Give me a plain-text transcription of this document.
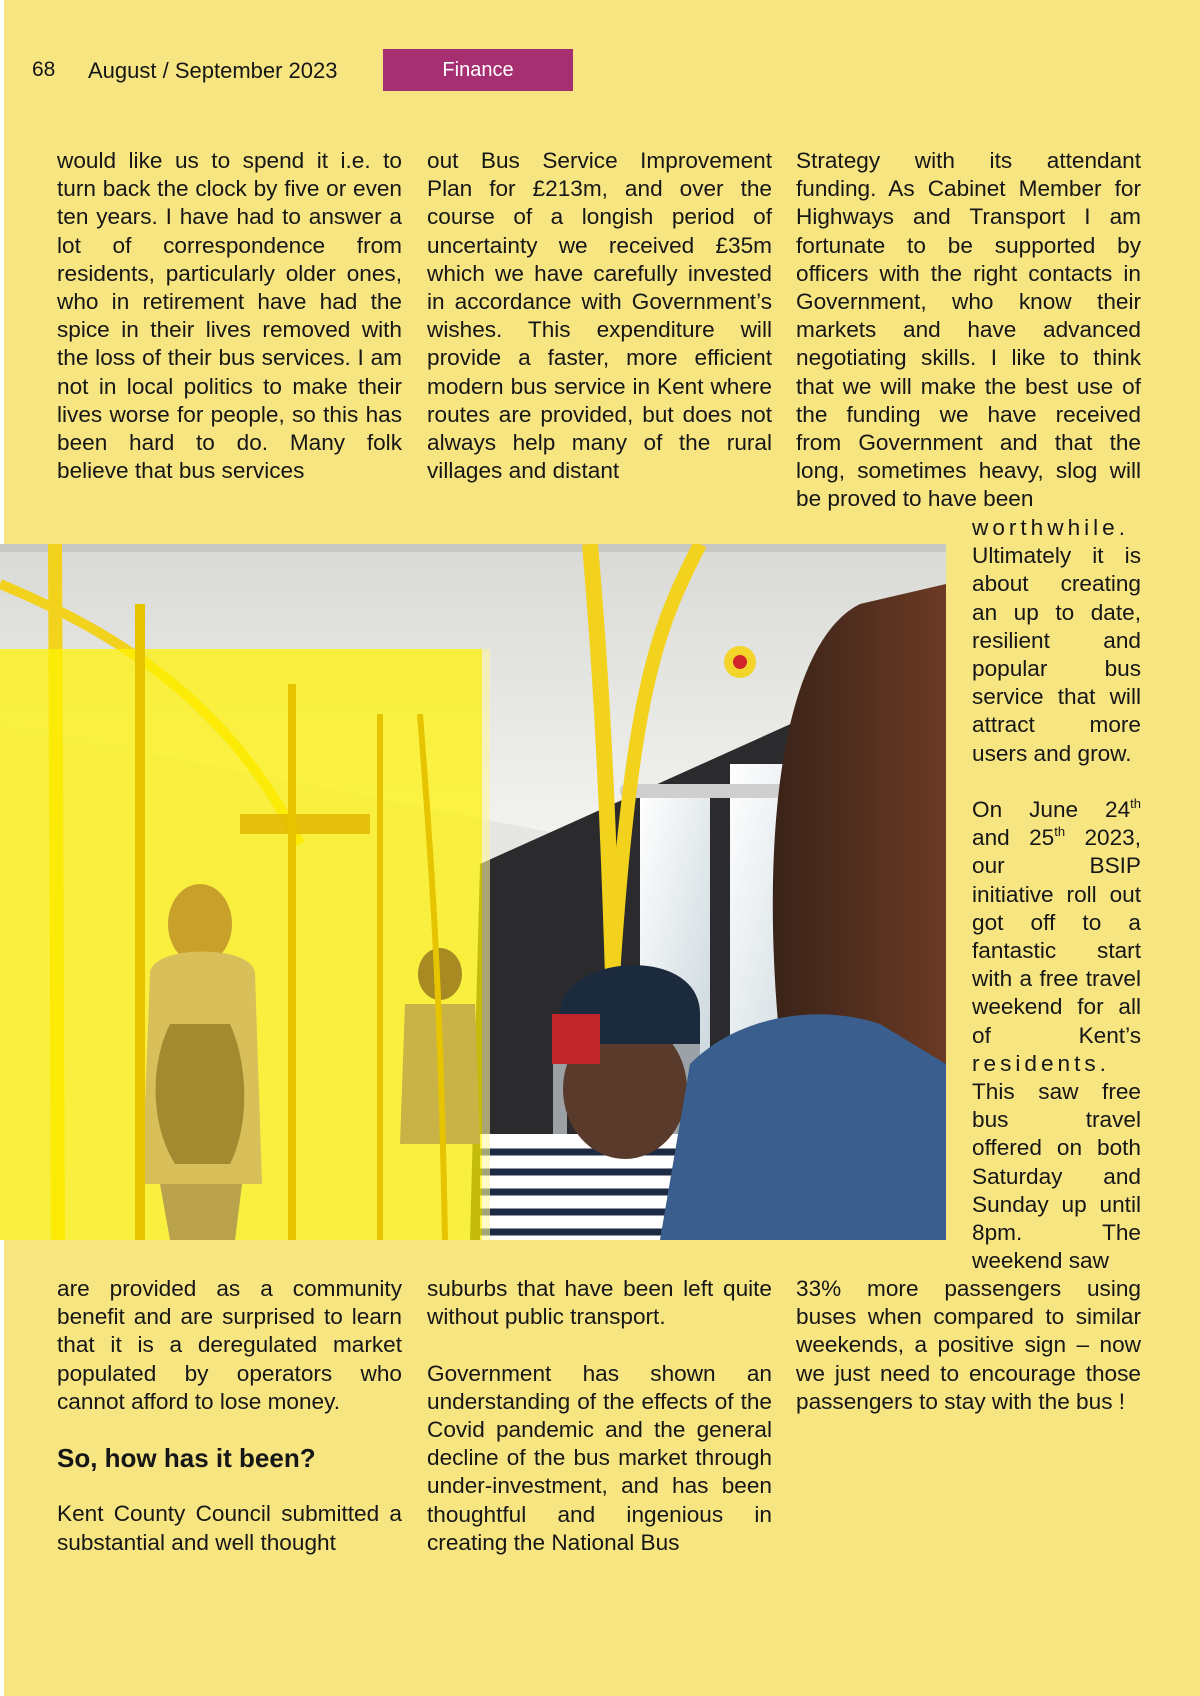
68 August / September 2023	Finance

would like us to spend it i.e. to turn back the clock by five or even ten years. I have had to answer a lot of correspondence from residents, particularly older ones, who in retirement have had the spice in their lives removed with the loss of their bus services. I am not in local politics to make their lives worse for people, so this has been hard to do. Many folk believe that bus services

out Bus Service Improvement Plan for £213m, and over the course of a longish period of uncertainty we received £35m which we have carefully invested in accordance with Government’s wishes. This expenditure will provide a faster, more efficient modern bus service in Kent where routes are provided, but does not always help many of the rural villages and distant

Strategy with its attendant funding. As Cabinet Member for Highways and Transport I am fortunate to be supported by officers with the right contacts in Government, who know their markets and have advanced negotiating skills. I like to think that we will make the best use of the funding we have received from Government and that the long, sometimes heavy, slog will be proved to have been

worthwhile. Ultimately it is about creating an up to date, resilient and popular bus service that will attract more users and grow.

On June 24th and 25th 2023, our BSIP initiative roll out got off to a fantastic start with a free travel weekend for all of Kent’s residents. This saw free bus travel offered on both Saturday and Sunday up until 8pm. The weekend saw

are provided as a community benefit and are surprised to learn that it is a deregulated market populated by operators who cannot afford to lose money.

So, how has it been?

Kent County Council submitted a substantial and well thought

suburbs that have been left quite without public transport.

Government has shown an understanding of the effects of the Covid pandemic and the general decline of the bus market through under-investment, and has been thoughtful and ingenious in creating the National Bus

33% more passengers using buses when compared to similar weekends, a positive sign – now we just need to encourage those passengers to stay with the bus !
